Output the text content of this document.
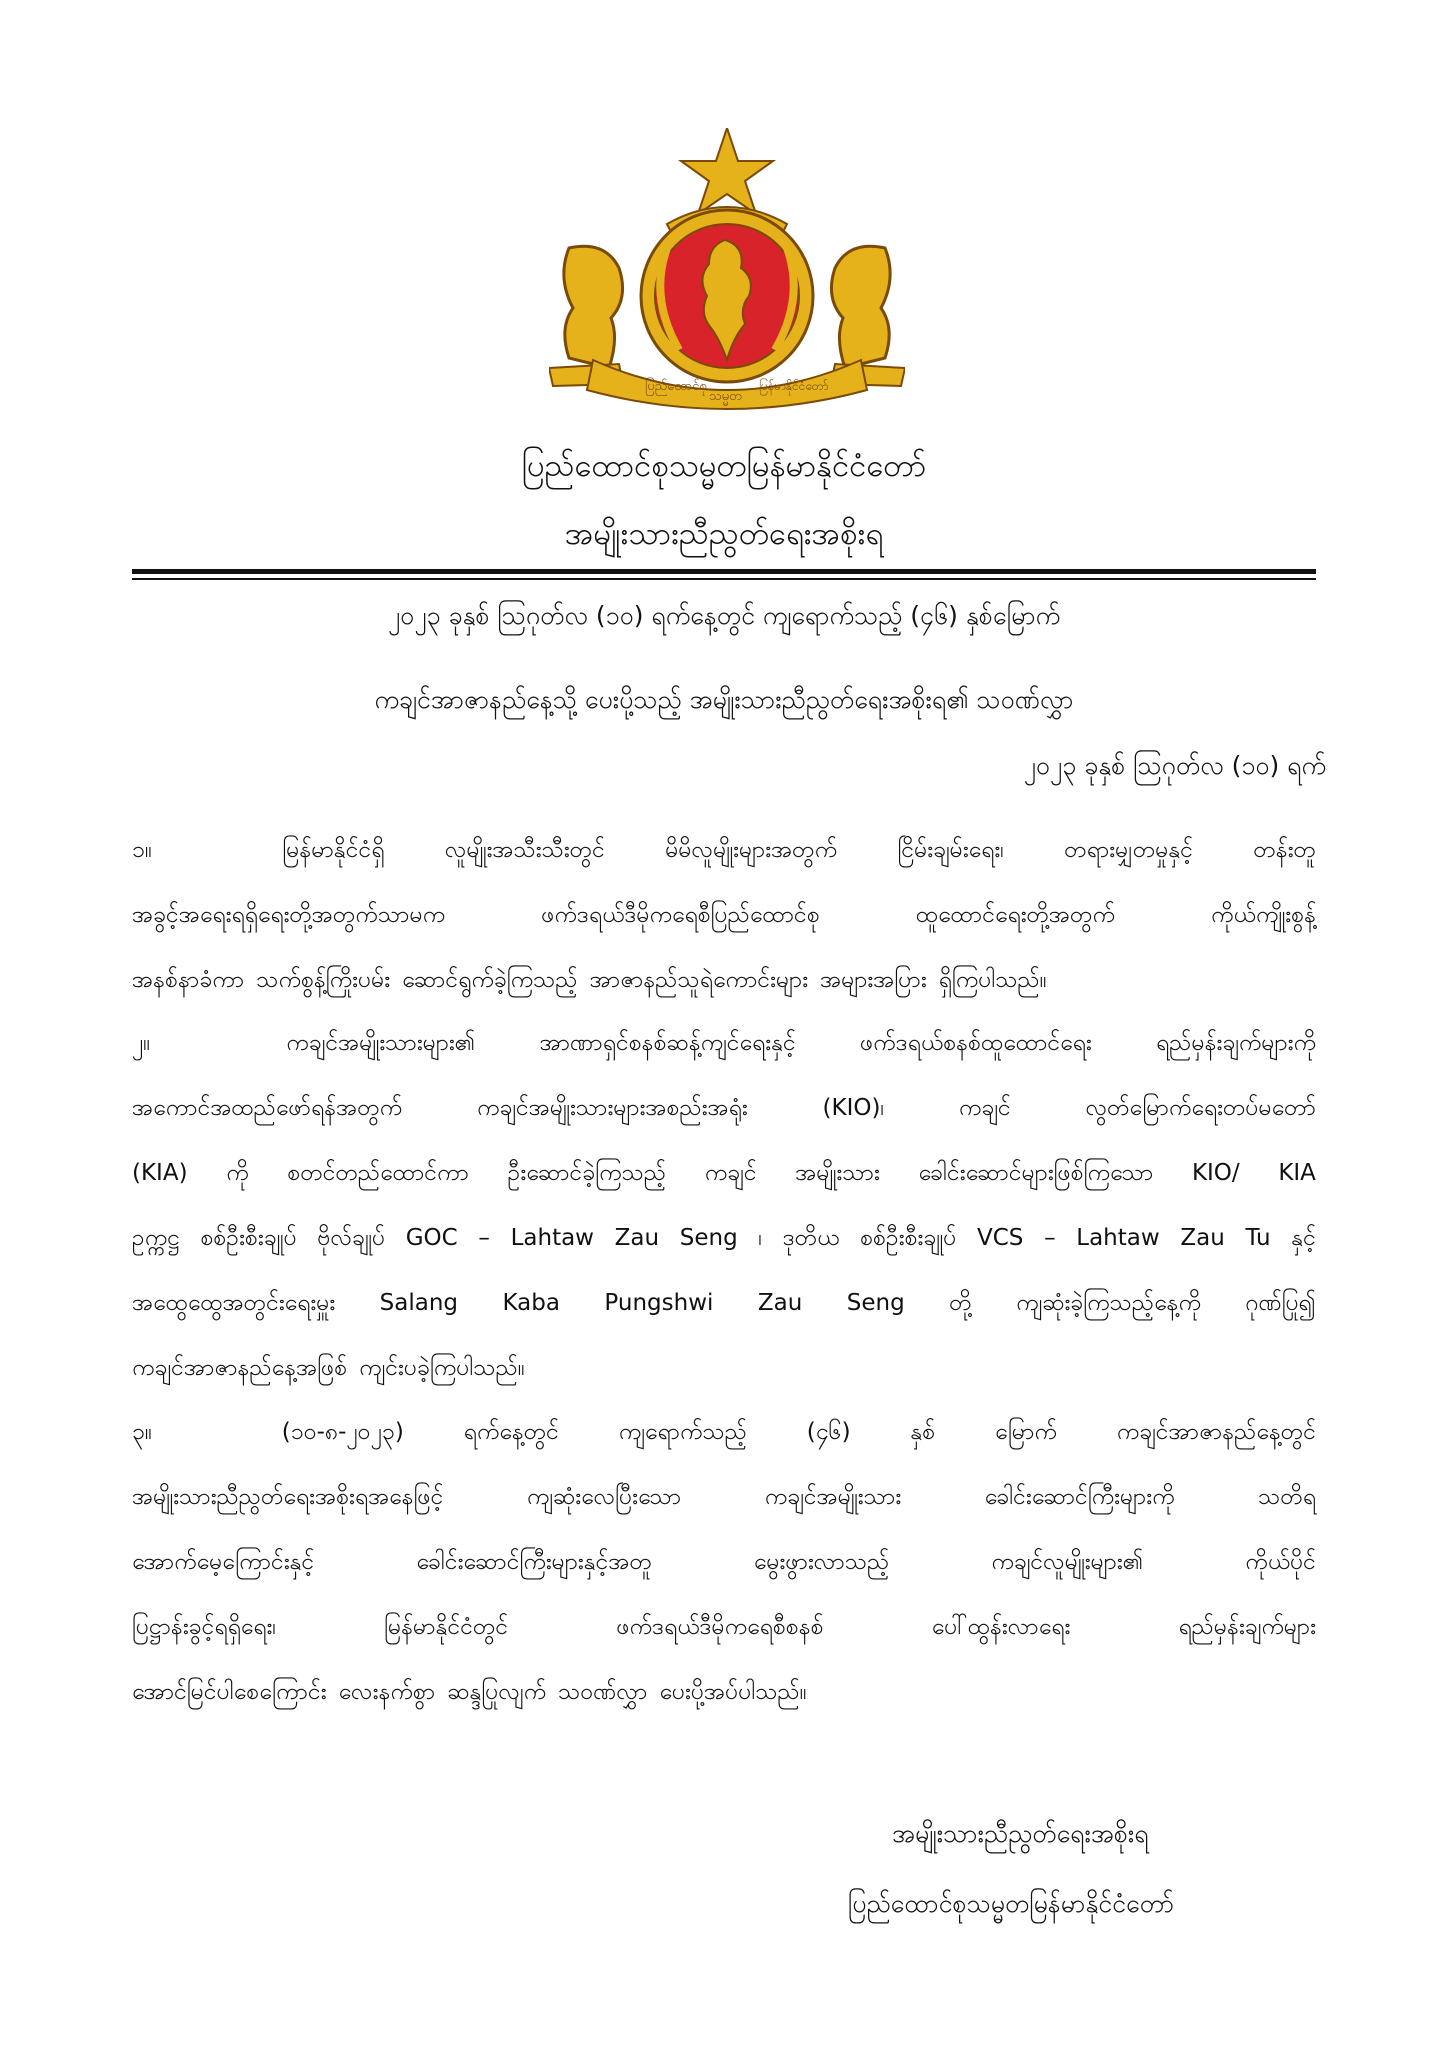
ပြည်ထောင်စု
သမ္မတ
မြန်မာနိုင်ငံတော်
ပြည်ထောင်စုသမ္မတမြန်မာနိုင်ငံတော်
အမျိုးသားညီညွတ်ရေးအစိုးရ
၂၀၂၃ ခုနှစ် ဩဂုတ်လ (၁၀) ရက်နေ့တွင် ကျရောက်သည့် (၄၆) နှစ်မြောက်
ကချင်အာဇာနည်နေ့သို့ ပေးပို့သည့် အမျိုးသားညီညွတ်ရေးအစိုးရ၏ သဝဏ်လွှာ
၂၀၂၃ ခုနှစ် ဩဂုတ်လ (၁၀) ရက်
၁။	မြန်မာနိုင်ငံရှိ	လူမျိုးအသီးသီးတွင်	မိမိလူမျိုးများအတွက်	ငြိမ်းချမ်းရေး၊	တရားမျှတမှုနှင့်	တန်းတူ
အခွင့်အရေးရရှိရေးတို့အတွက်သာမက	ဖက်ဒရယ်ဒီမိုကရေစီပြည်ထောင်စု	ထူထောင်ရေးတို့အတွက်	ကိုယ်ကျိုးစွန့်
အနစ်နာခံကာ သက်စွန့်ကြိုးပမ်း ဆောင်ရွက်ခဲ့ကြသည့် အာဇာနည်သူရဲကောင်းများ အများအပြား ရှိကြပါသည်။
၂။	ကချင်အမျိုးသားများ၏	အာဏာရှင်စနစ်ဆန့်ကျင်ရေးနှင့်	ဖက်ဒရယ်စနစ်ထူထောင်ရေး	ရည်မှန်းချက်များကို
အကောင်အထည်ဖော်ရန်အတွက်	ကချင်အမျိုးသားများအစည်းအရုံး	(KIO)၊	ကချင်	လွတ်မြောက်ရေးတပ်မတော်
(KIA) ကို စတင်တည်ထောင်ကာ ဦးဆောင်ခဲ့ကြသည့် ကချင် အမျိုးသား ခေါင်းဆောင်များဖြစ်ကြသော KIO/ KIA
ဥက္ကဋ္ဌ စစ်ဦးစီးချုပ် ဗိုလ်ချုပ် GOC – Lahtaw Zau Seng ၊ ဒုတိယ စစ်ဦးစီးချုပ် VCS – Lahtaw Zau Tu နှင့်
အထွေထွေအတွင်းရေးမှူး Salang Kaba Pungshwi Zau Seng တို့ ကျဆုံးခဲ့ကြသည့်နေ့ကို ဂုဏ်ပြု၍
ကချင်အာဇာနည်နေ့အဖြစ် ကျင်းပခဲ့ကြပါသည်။
၃။	(၁၀-၈-၂၀၂၃)	ရက်နေ့တွင်	ကျရောက်သည့်	(၄၆)	နှစ်	မြောက်	ကချင်အာဇာနည်နေ့တွင်
အမျိုးသားညီညွတ်ရေးအစိုးရအနေဖြင့်	ကျဆုံးလေပြီးသော	ကချင်အမျိုးသား	ခေါင်းဆောင်ကြီးများကို	သတိရ
အောက်မေ့ကြောင်းနှင့်	ခေါင်းဆောင်ကြီးများနှင့်အတူ	မွေးဖွားလာသည့်	ကချင်လူမျိုးများ၏	ကိုယ်ပိုင်
ပြဋ္ဌာန်းခွင့်ရရှိရေး၊	မြန်မာနိုင်ငံတွင်	ဖက်ဒရယ်ဒီမိုကရေစီစနစ်	ပေါ်ထွန်းလာရေး	ရည်မှန်းချက်များ
အောင်မြင်ပါစေကြောင်း လေးနက်စွာ ဆန္ဒပြုလျက် သဝဏ်လွှာ ပေးပို့အပ်ပါသည်။
အမျိုးသားညီညွတ်ရေးအစိုးရ
ပြည်ထောင်စုသမ္မတမြန်မာနိုင်ငံတော်
